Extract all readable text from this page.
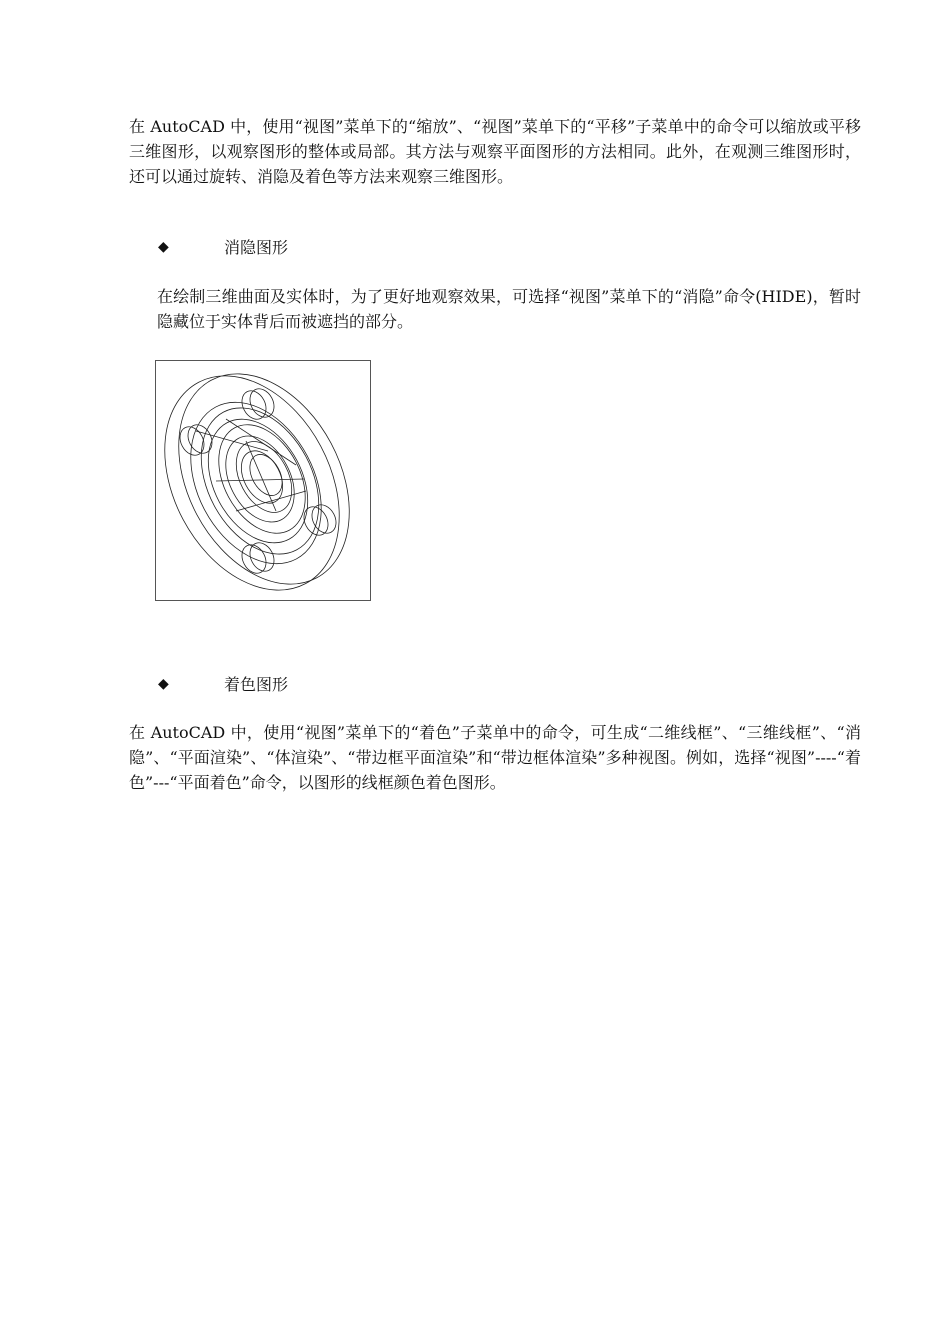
在 AutoCAD 中，使用“视图”菜单下的“缩放”、“视图”菜单下的“平移”子菜单中的命令可以缩放或平移三维图形，以观察图形的整体或局部。其方法与观察平面图形的方法相同。此外，在观测三维图形时，还可以通过旋转、消隐及着色等方法来观察三维图形。

◆	消隐图形

在绘制三维曲面及实体时，为了更好地观察效果，可选择“视图”菜单下的“消隐”命令(HIDE)，暂时隐藏位于实体背后而被遮挡的部分。

◆	着色图形

在 AutoCAD 中，使用“视图”菜单下的“着色”子菜单中的命令，可生成“二维线框”、“三维线框”、“消隐”、“平面渲染”、“体渲染”、“带边框平面渲染”和“带边框体渲染”多种视图。例如，选择“视图”----“着色”---“平面着色”命令，以图形的线框颜色着色图形。
